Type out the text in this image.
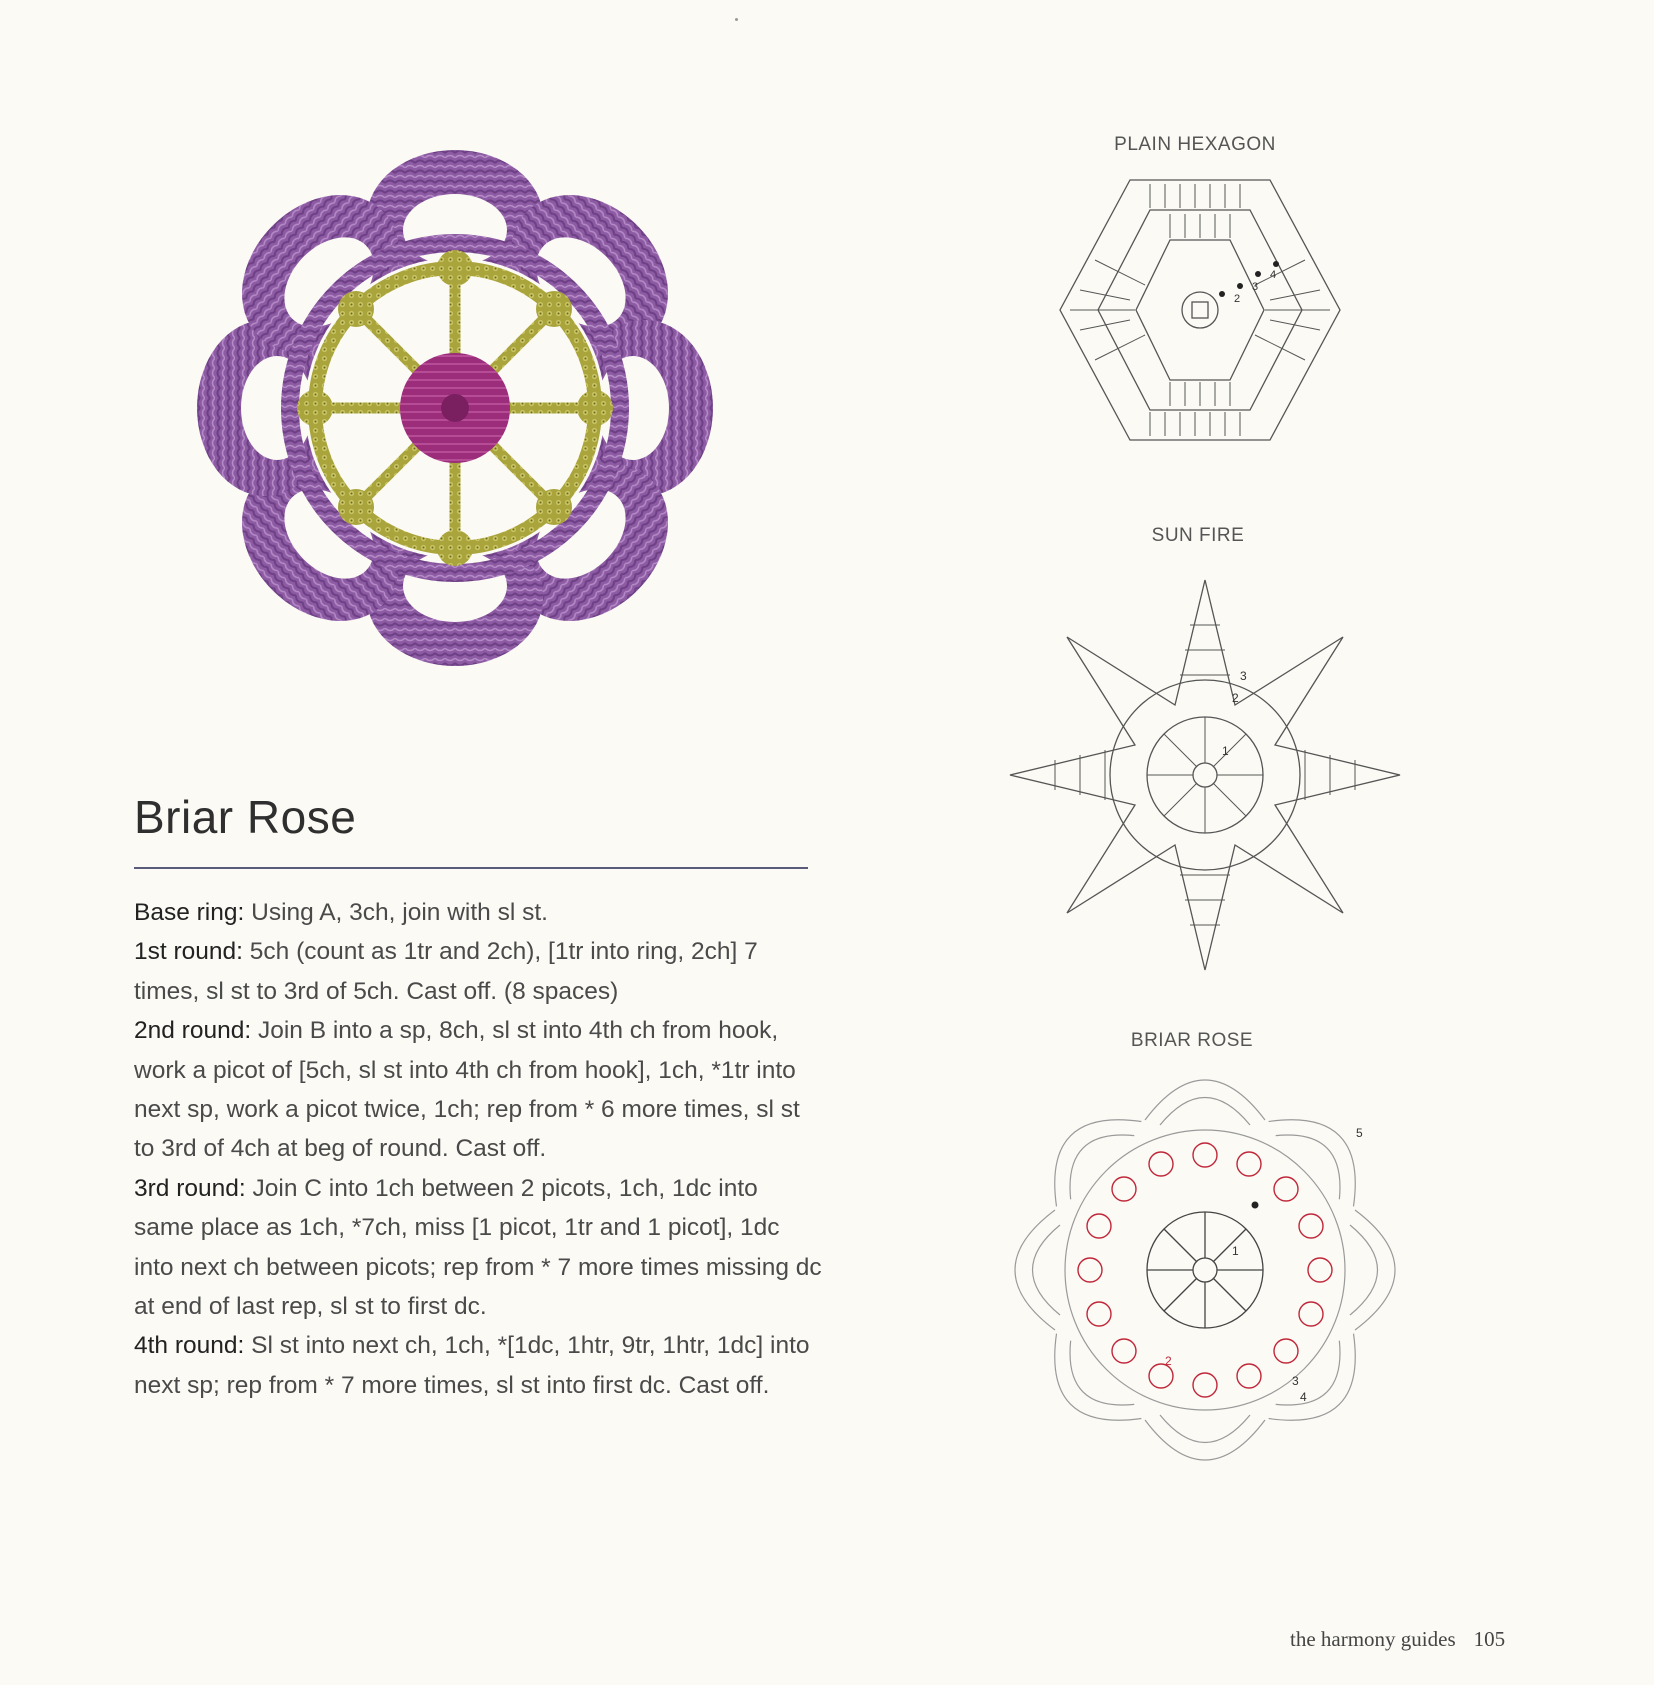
Briar Rose
Base ring: Using A, 3ch, join with sl st.
1st round: 5ch (count as 1tr and 2ch), [1tr into ring, 2ch] 7 times, sl st to 3rd of 5ch. Cast off. (8 spaces)
2nd round: Join B into a sp, 8ch, sl st into 4th ch from hook, work a picot of [5ch, sl st into 4th ch from hook], 1ch, *1tr into next sp, work a picot twice, 1ch; rep from * 6 more times, sl st to 3rd of 4ch at beg of round. Cast off.
3rd round: Join C into 1ch between 2 picots, 1ch, 1dc into same place as 1ch, *7ch, miss [1 picot, 1tr and 1 picot], 1dc into next ch between picots; rep from * 7 more times missing dc at end of last rep, sl st to first dc.
4th round: Sl st into next ch, 1ch, *[1dc, 1htr, 9tr, 1htr, 1dc] into next sp; rep from * 7 more times, sl st into first dc. Cast off.
PLAIN HEXAGON
2
3
4
SUN FIRE
3
2
1
BRIAR ROSE
1
2
3
4
5
the harmony guides 105
